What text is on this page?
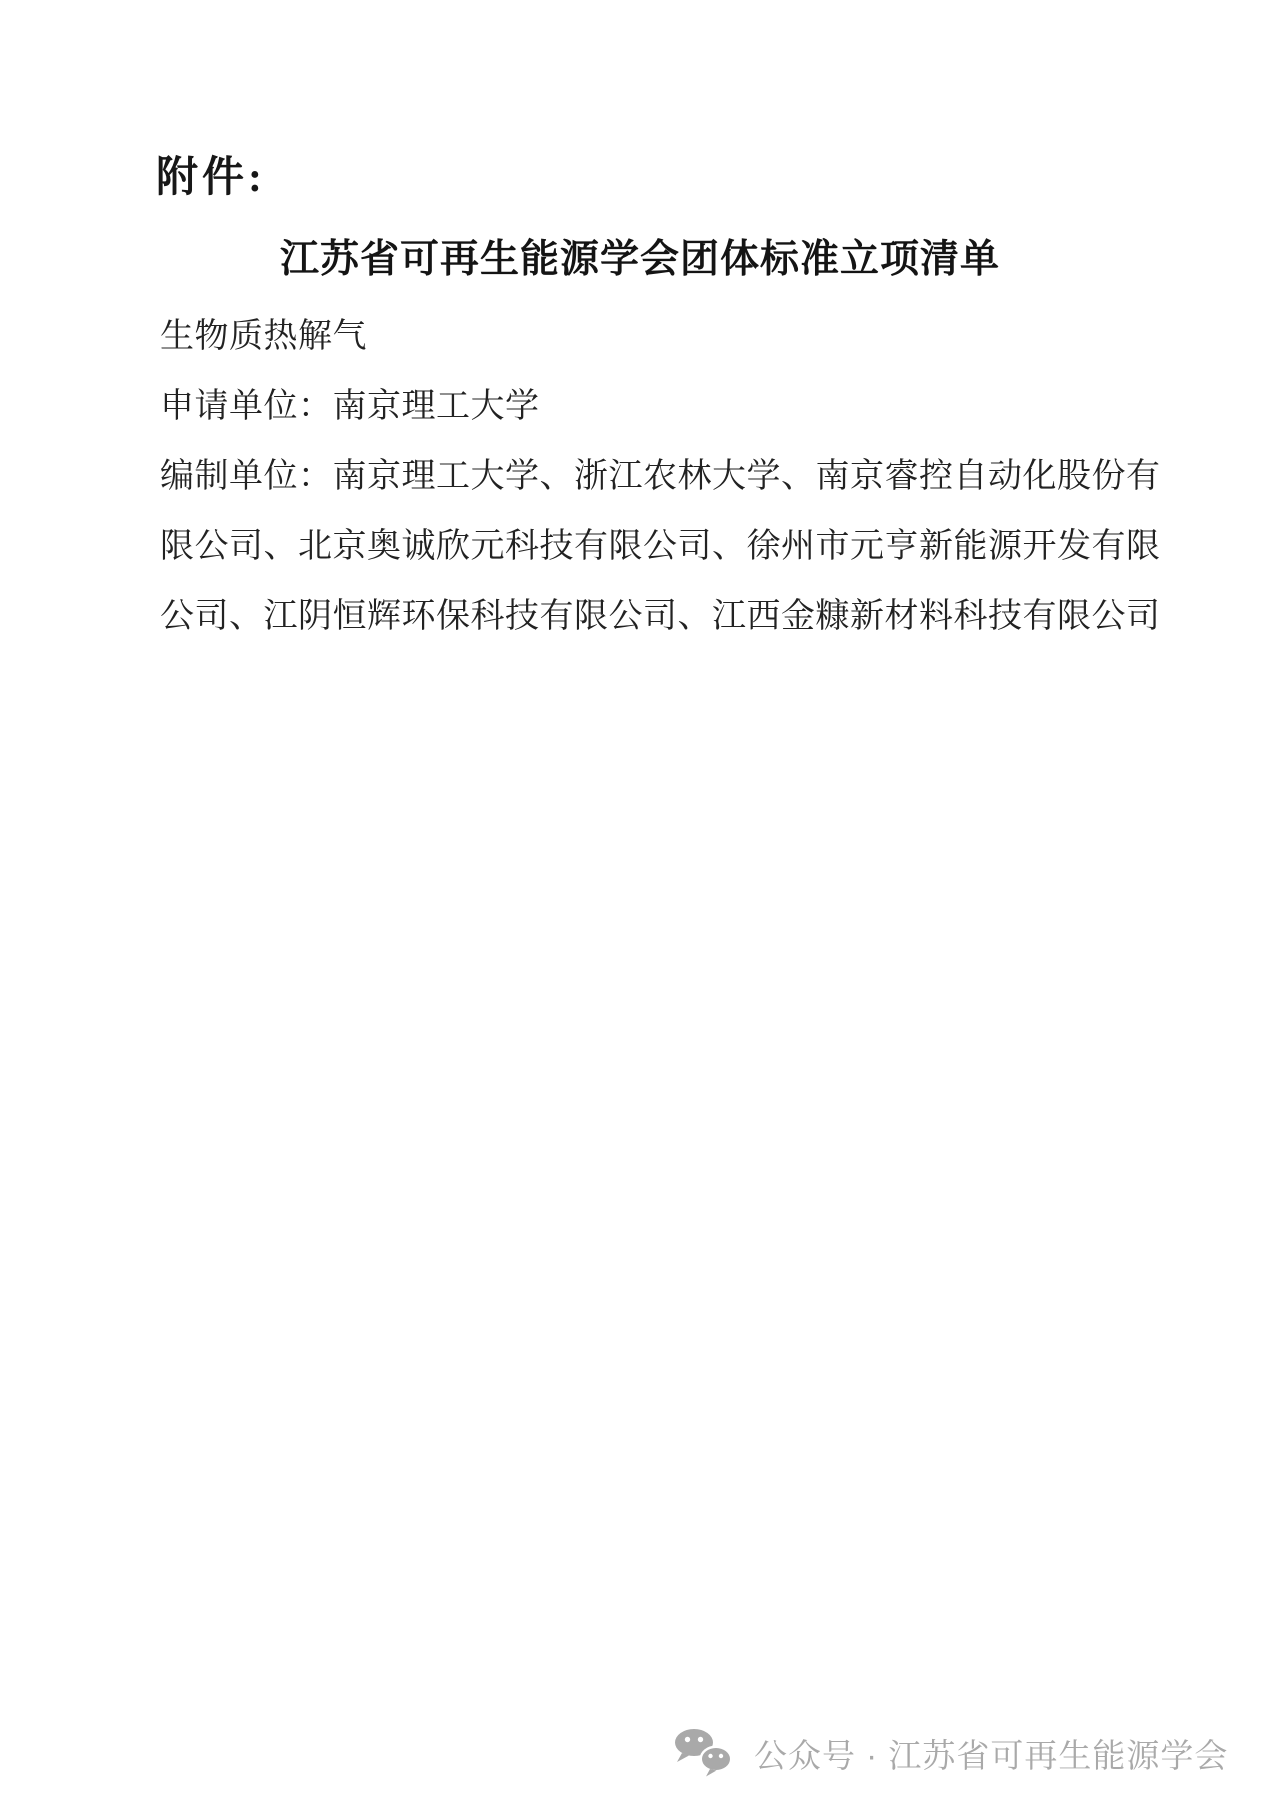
附件:
江苏省可再生能源学会团体标准立项清单
生物质热解气
申请单位：南京理工大学
编制单位：南京理工大学、浙江农林大学、南京睿控自动化股份有
限公司、北京奥诚欣元科技有限公司、徐州市元亨新能源开发有限
公司、江阴恒辉环保科技有限公司、江西金糠新材料科技有限公司
公众号 · 江苏省可再生能源学会
